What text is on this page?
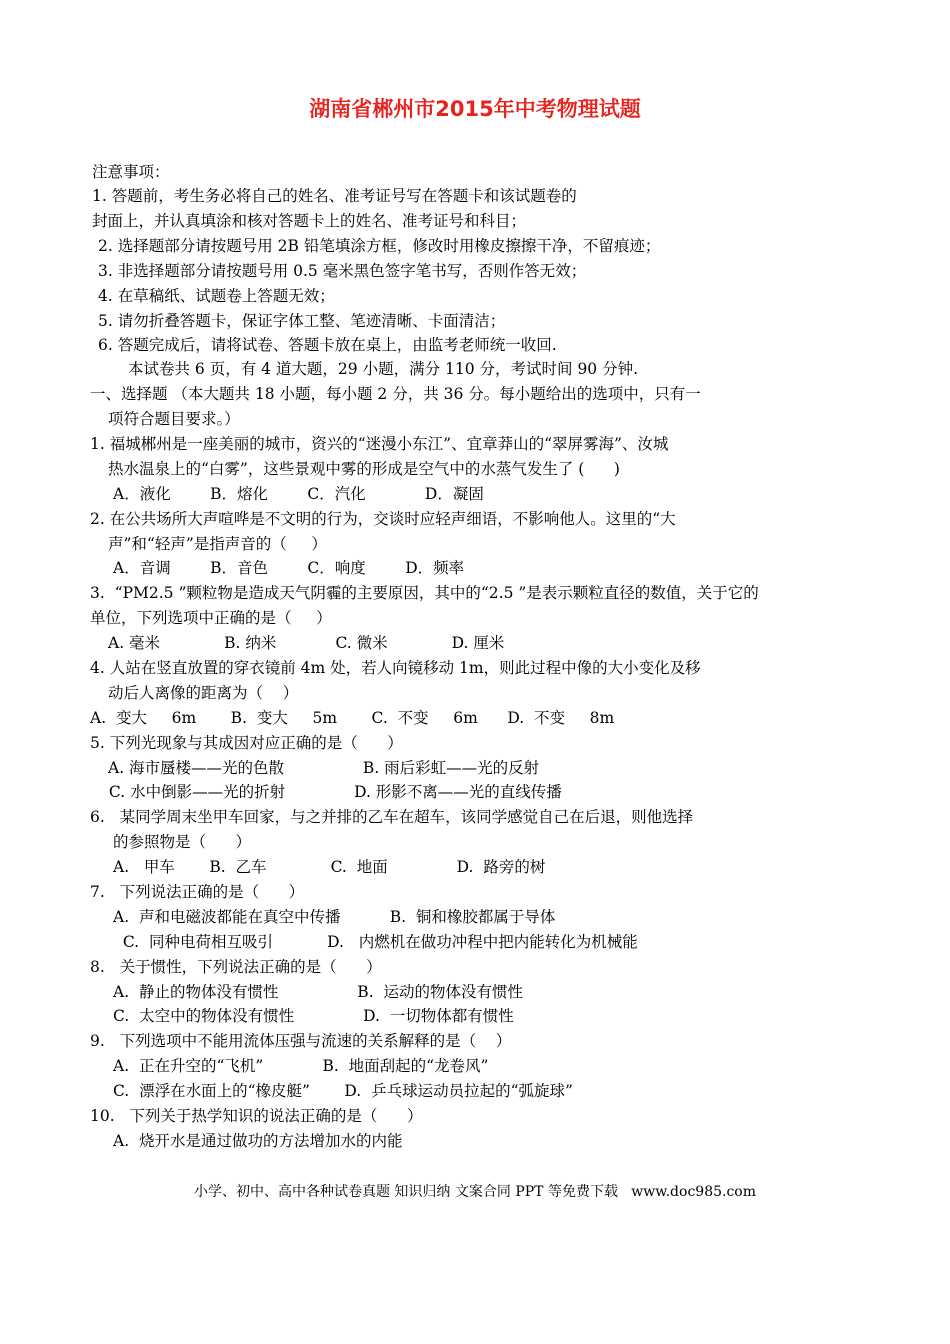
湖南省郴州市2015年中考物理试题
注意事项：
1. 答题前，考生务必将自己的姓名、准考证号写在答题卡和该试题卷的
封面上，并认真填涂和核对答题卡上的姓名、准考证号和科目；
2. 选择题部分请按题号用 2B 铅笔填涂方框，修改时用橡皮擦擦干净，不留痕迹；
3. 非选择题部分请按题号用 0.5 毫米黑色签字笔书写，否则作答无效；
4. 在草稿纸、试题卷上答题无效；
5. 请勿折叠答题卡，保证字体工整、笔迹清晰、卡面清洁；
6. 答题完成后，请将试卷、答题卡放在桌上，由监考老师统一收回.
本试卷共 6 页，有 4 道大题，29 小题，满分 110 分，考试时间 90 分钟.
一、选择题 （本大题共 18 小题，每小题 2 分，共 36 分。每小题给出的选项中，只有一
项符合题目要求。）
1. 福城郴州是一座美丽的城市，资兴的“迷漫小东江”、宜章莽山的“翠屏雾海”、汝城
热水温泉上的“白雾”，这些景观中雾的形成是空气中的水蒸气发生了 (      )
A．液化        B．熔化        C．汽化            D．凝固
2. 在公共场所大声喧哗是不文明的行为，交谈时应轻声细语，不影响他人。这里的“大
声”和“轻声”是指声音的（     ）
A．音调        B．音色        C．响度        D．频率
3.  “PM2.5 ”颗粒物是造成天气阴霾的主要原因，其中的“2.5 ”是表示颗粒直径的数值，关于它的
单位，下列选项中正确的是（     ）
A. 毫米             B. 纳米            C. 微米             D. 厘米
4. 人站在竖直放置的穿衣镜前 4m 处，若人向镜移动 1m，则此过程中像的大小变化及移
动后人离像的距离为（    ）
A.  变大     6m       B.  变大     5m       C.  不变     6m      D.  不变     8m
5. 下列光现象与其成因对应正确的是（      ）
A. 海市蜃楼——光的色散                B. 雨后彩虹——光的反射
C. 水中倒影——光的折射              D. 形影不离——光的直线传播
6.   某同学周末坐甲车回家，与之并排的乙车在超车，该同学感觉自己在后退，则他选择
的参照物是（      ）
A.   甲车       B.  乙车             C.  地面              D.  路旁的树
7.   下列说法正确的是（      ）
A.  声和电磁波都能在真空中传播          B.  铜和橡胶都属于导体
C.  同种电荷相互吸引           D.   内燃机在做功冲程中把内能转化为机械能
8.   关于惯性，下列说法正确的是（      ）
A.  静止的物体没有惯性                B.  运动的物体没有惯性
C.  太空中的物体没有惯性              D.  一切物体都有惯性
9.   下列选项中不能用流体压强与流速的关系解释的是（    ）
A.  正在升空的“飞机”            B.  地面刮起的“龙卷风”
C.  漂浮在水面上的“橡皮艇”       D.  乒乓球运动员拉起的“弧旋球”
10.   下列关于热学知识的说法正确的是（      ）
A.  烧开水是通过做功的方法增加水的内能
小学、初中、高中各种试卷真题 知识归纳 文案合同 PPT 等免费下载   www.doc985.com
